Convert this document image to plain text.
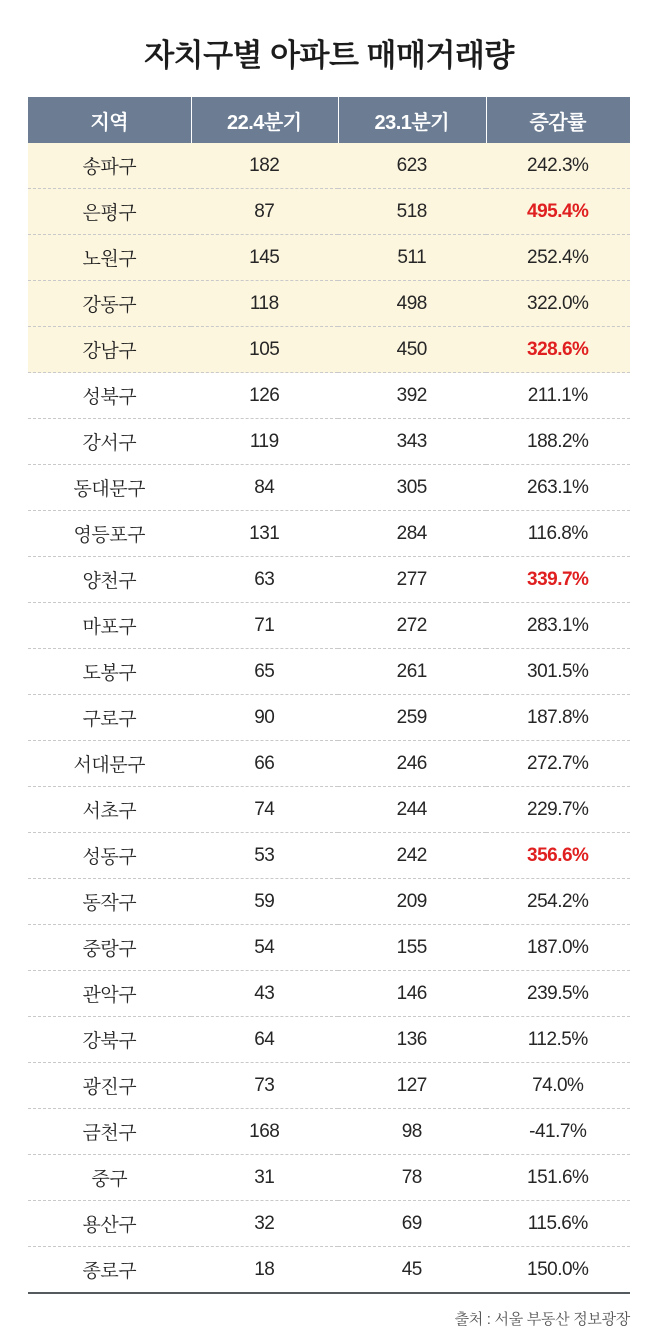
자치구별 아파트 매매거래량
지역	22.4분기	23.1분기	증감률
송파구	182	623	242.3%
은평구	87	518	495.4%
노원구	145	511	252.4%
강동구	118	498	322.0%
강남구	105	450	328.6%
성북구	126	392	211.1%
강서구	119	343	188.2%
동대문구	84	305	263.1%
영등포구	131	284	116.8%
양천구	63	277	339.7%
마포구	71	272	283.1%
도봉구	65	261	301.5%
구로구	90	259	187.8%
서대문구	66	246	272.7%
서초구	74	244	229.7%
성동구	53	242	356.6%
동작구	59	209	254.2%
중랑구	54	155	187.0%
관악구	43	146	239.5%
강북구	64	136	112.5%
광진구	73	127	74.0%
금천구	168	98	-41.7%
중구	31	78	151.6%
용산구	32	69	115.6%
종로구	18	45	150.0%
출처 : 서울 부동산 정보광장
